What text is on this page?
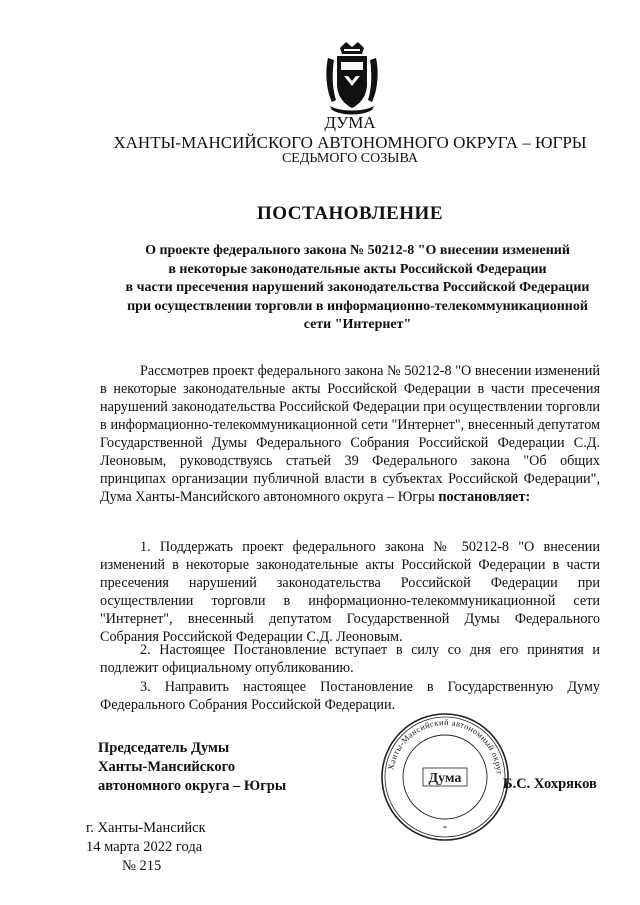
ДУМА
ХАНТЫ-МАНСИЙСКОГО АВТОНОМНОГО ОКРУГА – ЮГРЫ
СЕДЬМОГО СОЗЫВА
ПОСТАНОВЛЕНИЕ
О проекте федерального закона № 50212-8 "О внесении изменений
в некоторые законодательные акты Российской Федерации
в части пресечения нарушений законодательства Российской Федерации
при осуществлении торговли в информационно-телекоммуникационной
сети "Интернет"

Рассмотрев проект федерального закона № 50212-8 "О внесении изменений в некоторые законодательные акты Российской Федерации в части пресечения нарушений законодательства Российской Федерации при осуществлении торговли в информационно-телекоммуникационной сети "Интернет", внесенный депутатом Государственной Думы Федерального Собрания Российской Федерации С.Д. Леоновым, руководствуясь статьей 39 Федерального закона "Об общих принципах организации публичной власти в субъектах Российской Федерации", Дума Ханты-Мансийского автономного округа – Югры постановляет:

1. Поддержать проект федерального закона № 50212-8 "О внесении изменений в некоторые законодательные акты Российской Федерации в части пресечения нарушений законодательства Российской Федерации при осуществлении торговли в информационно-телекоммуникационной сети "Интернет", внесенный депутатом Государственной Думы Федерального Собрания Российской Федерации С.Д. Леоновым.

2. Настоящее Постановление вступает в силу со дня его принятия и подлежит официальному опубликованию.

3. Направить настоящее Постановление в Государственную Думу Федерального Собрания Российской Федерации.

Председатель Думы
Ханты-Мансийского
автономного округа – Югры
Ханты-Мансийский автономный округ
Дума
*
Б.С. Хохряков
г. Ханты-Мансийск
14 марта 2022 года
№ 215
